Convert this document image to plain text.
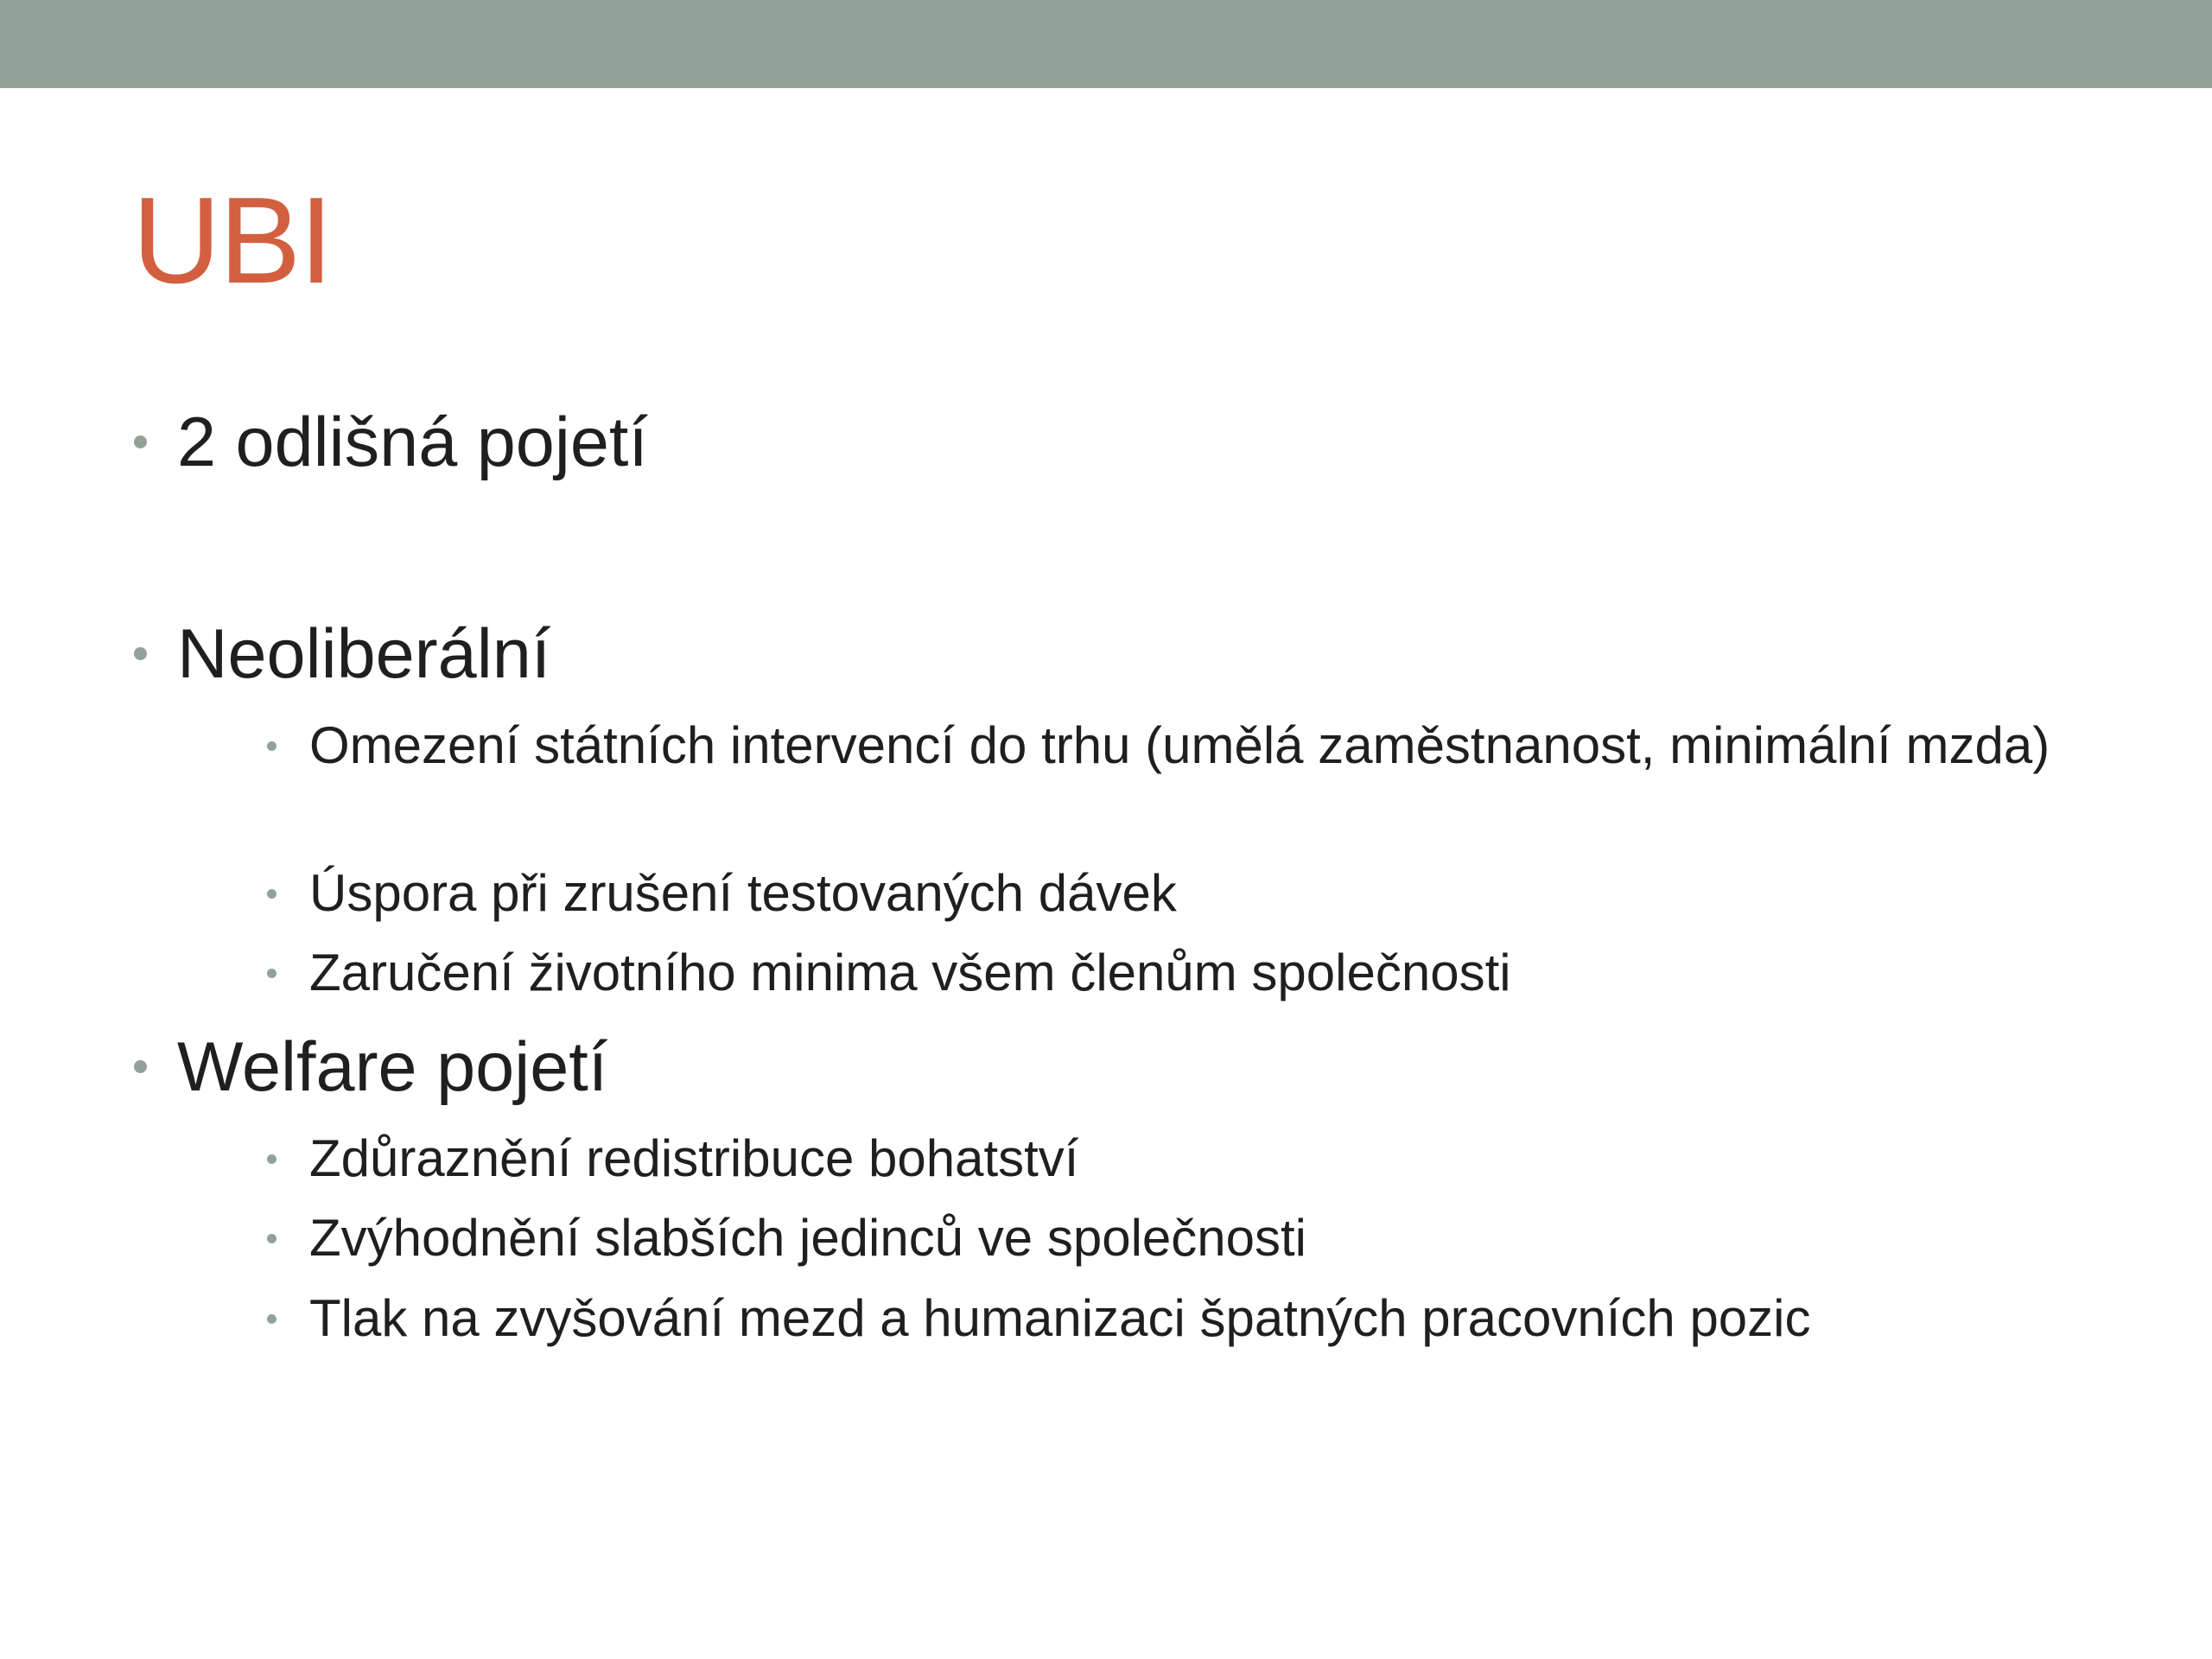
UBI
2 odlišná pojetí
Neoliberální
Omezení státních intervencí do trhu (umělá zaměstnanost, minimální mzda)
Úspora při zrušení testovaných dávek
Zaručení životního minima všem členům společnosti
Welfare pojetí
Zdůraznění redistribuce bohatství
Zvýhodnění slabších jedinců ve společnosti
Tlak na zvyšování mezd a humanizaci špatných pracovních pozic
